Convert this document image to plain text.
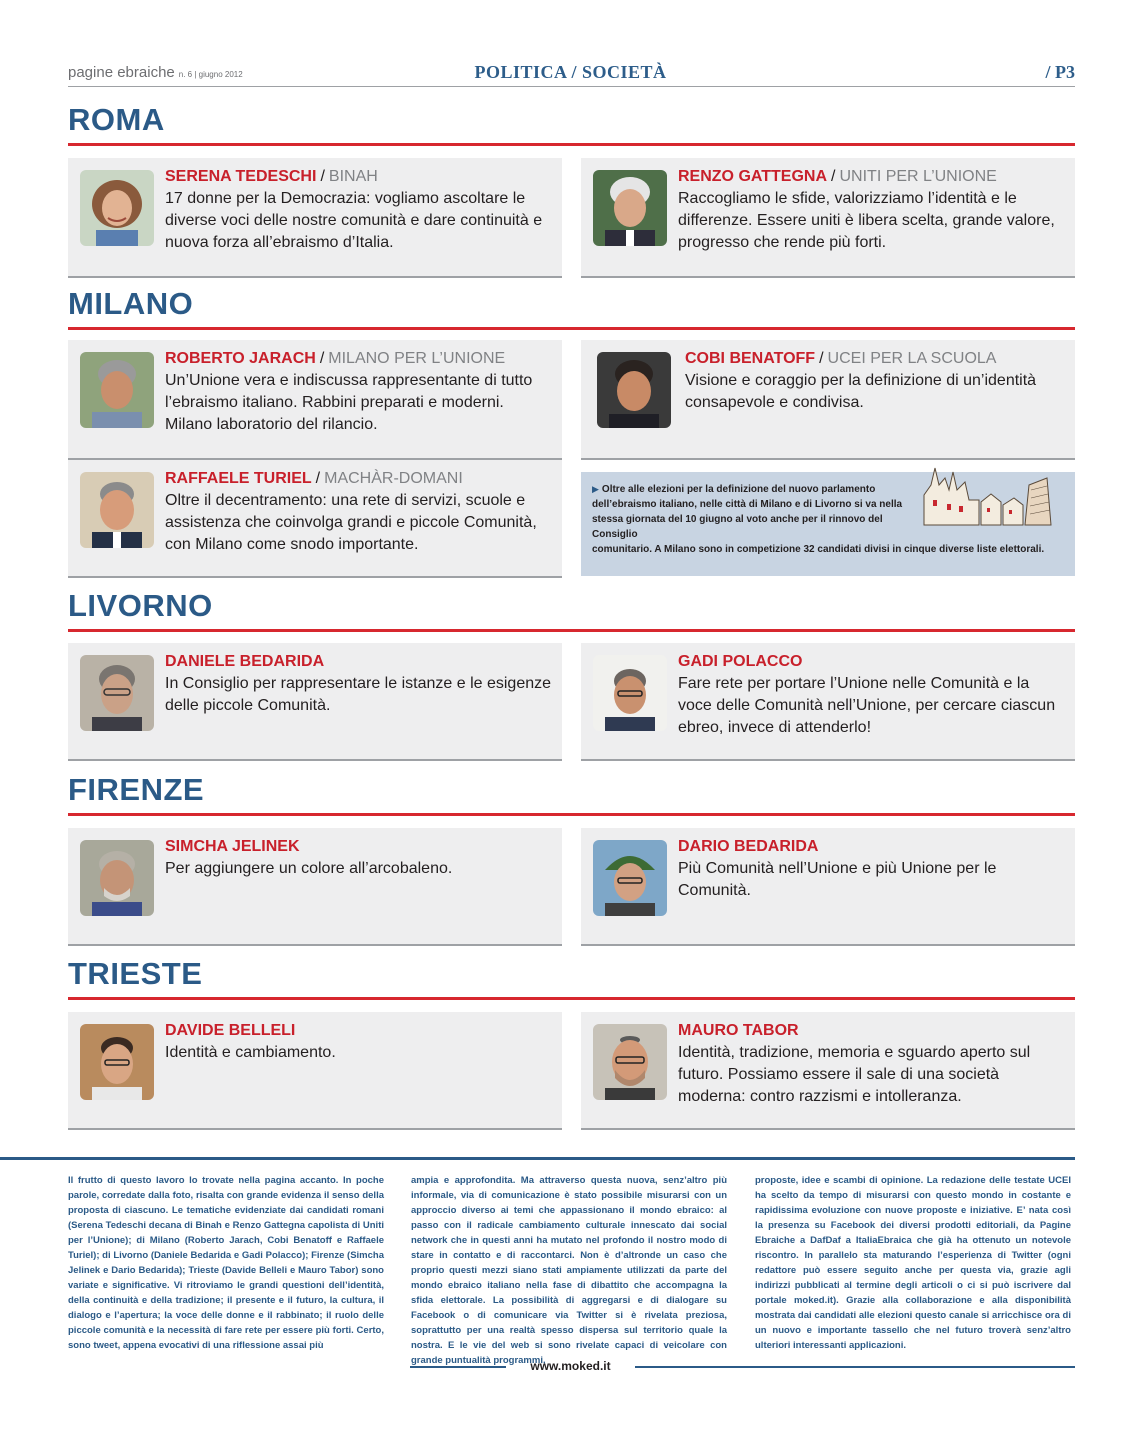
pagine ebraiche n. 6 | giugno 2012	POLITICA / SOCIETÀ	/ P3
ROMA
SERENA TEDESCHI / BINAH
17 donne per la Democrazia: vogliamo ascoltare le diverse voci delle nostre comunità e dare continuità e nuova forza all’ebraismo d’Italia.
RENZO GATTEGNA / UNITI PER L’UNIONE
Raccogliamo le sfide, valorizziamo l’identità e le differenze. Essere uniti è libera scelta, grande valore, progresso che rende più forti.
MILANO
ROBERTO JARACH / MILANO PER L’UNIONE
Un’Unione vera e indiscussa rappresentante di tutto l’ebraismo italiano. Rabbini preparati e moderni. Milano laboratorio del rilancio.
COBI BENATOFF / UCEI PER LA SCUOLA
Visione e coraggio per la definizione di un’identità consapevole e condivisa.
RAFFAELE TURIEL / MACHÀR-DOMANI
Oltre il decentramento: una rete di servizi, scuole e assistenza che coinvolga grandi e piccole Comunità, con Milano come snodo importante.
▶ Oltre alle elezioni per la definizione del nuovo parlamento dell’ebraismo italiano, nelle città di Milano e di Livorno si va nella stessa giornata del 10 giugno al voto anche per il rinnovo del Consiglio
comunitario. A Milano sono in competizione 32 candidati divisi in cinque diverse liste elettorali.
LIVORNO
DANIELE BEDARIDA
In Consiglio per rappresentare le istanze e le esigenze delle piccole Comunità.
GADI POLACCO
Fare rete per portare l’Unione nelle Comunità e la voce delle Comunità nell’Unione, per cercare ciascun ebreo, invece di attenderlo!
FIRENZE
SIMCHA JELINEK
Per aggiungere un colore all’arcobaleno.
DARIO BEDARIDA
Più Comunità nell’Unione e più Unione per le Comunità.
TRIESTE
DAVIDE BELLELI
Identità e cambiamento.
MAURO TABOR
Identità, tradizione, memoria e sguardo aperto sul futuro. Possiamo essere il sale di una società moderna: contro razzismi e intolleranza.
Il frutto di questo lavoro lo trovate nella pagina accanto. In poche parole, corredate dalla foto, risalta con grande evidenza il senso della proposta di ciascuno. Le tematiche evidenziate dai candidati romani (Serena Tedeschi decana di Binah e Renzo Gattegna capolista di Uniti per l’Unione); di Milano (Roberto Jarach, Cobi Benatoff e Raffaele Turiel); di Livorno (Daniele Bedarida e Gadi Polacco); Firenze (Simcha Jelinek e Dario Bedarida); Trieste (Davide Belleli e Mauro Tabor) sono variate e significative. Vi ritroviamo le grandi questioni dell’identità, della continuità e della tradizione; il presente e il futuro, la cultura, il dialogo e l’apertura; la voce delle donne e il rabbinato; il ruolo delle piccole comunità e la necessità di fare rete per essere più forti. Certo, sono tweet, appena evocativi di una riflessione assai più
ampia e approfondita. Ma attraverso questa nuova, senz’altro più informale, via di comunicazione è stato possibile misurarsi con un approccio diverso ai temi che appassionano il mondo ebraico: al passo con il radicale cambiamento culturale innescato dai social network che in questi anni ha mutato nel profondo il nostro modo di stare in contatto e di raccontarci. Non è d’altronde un caso che proprio questi mezzi siano stati ampiamente utilizzati da parte del mondo ebraico italiano nella fase di dibattito che accompagna la sfida elettorale. La possibilità di aggregarsi e di dialogare su Facebook o di comunicare via Twitter si è rivelata preziosa, soprattutto per una realtà spesso dispersa sul territorio quale la nostra. E le vie del web si sono rivelate capaci di veicolare con grande puntualità programmi,
proposte, idee e scambi di opinione. La redazione delle testate UCEI ha scelto da tempo di misurarsi con questo mondo in costante e rapidissima evoluzione con nuove proposte e iniziative. E’ nata così la presenza su Facebook dei diversi prodotti editoriali, da Pagine Ebraiche a DafDaf a ItaliaEbraica che già ha ottenuto un notevole riscontro. In parallelo sta maturando l’esperienza di Twitter (ogni redattore può essere seguito anche per questa via, grazie agli indirizzi pubblicati al termine degli articoli o ci si può iscrivere dal portale moked.it). Grazie alla collaborazione e alla disponibilità mostrata dai candidati alle elezioni questo canale si arricchisce ora di un nuovo e importante tassello che nel futuro troverà senz’altro ulteriori interessanti applicazioni.
www.moked.it
